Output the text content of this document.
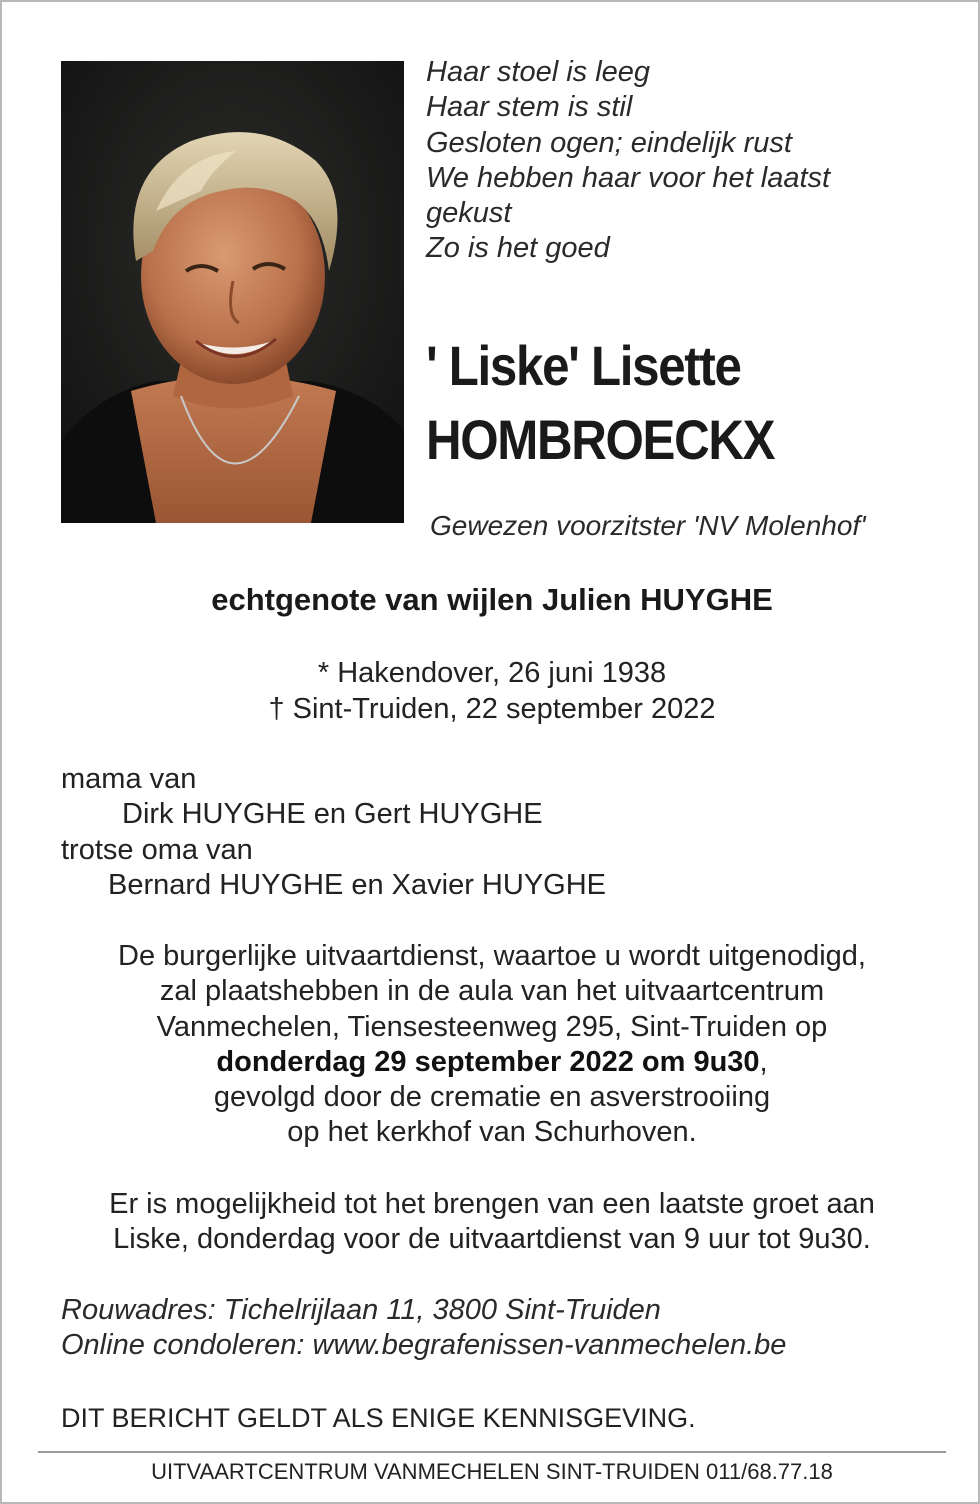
Haar stoel is leeg
Haar stem is stil
Gesloten ogen; eindelijk rust
We hebben haar voor het laatst
gekust
Zo is het goed
' Liske' Lisette
HOMBROECKX
Gewezen voorzitster 'NV Molenhof'
echtgenote van wijlen Julien HUYGHE
* Hakendover, 26 juni 1938
† Sint-Truiden, 22 september 2022
mama van
Dirk HUYGHE en Gert HUYGHE
trotse oma van
Bernard HUYGHE en Xavier HUYGHE
De burgerlijke uitvaartdienst, waartoe u wordt uitgenodigd,
zal plaatshebben in de aula van het uitvaartcentrum
Vanmechelen, Tiensesteenweg 295, Sint-Truiden op
donderdag 29 september 2022 om 9u30,
gevolgd door de crematie en asverstrooiing
op het kerkhof van Schurhoven.
Er is mogelijkheid tot het brengen van een laatste groet aan
Liske, donderdag voor de uitvaartdienst van 9 uur tot 9u30.
Rouwadres: Tichelrijlaan 11, 3800 Sint-Truiden
Online condoleren: www.begrafenissen-vanmechelen.be
DIT BERICHT GELDT ALS ENIGE KENNISGEVING.
UITVAARTCENTRUM VANMECHELEN SINT-TRUIDEN 011/68.77.18
